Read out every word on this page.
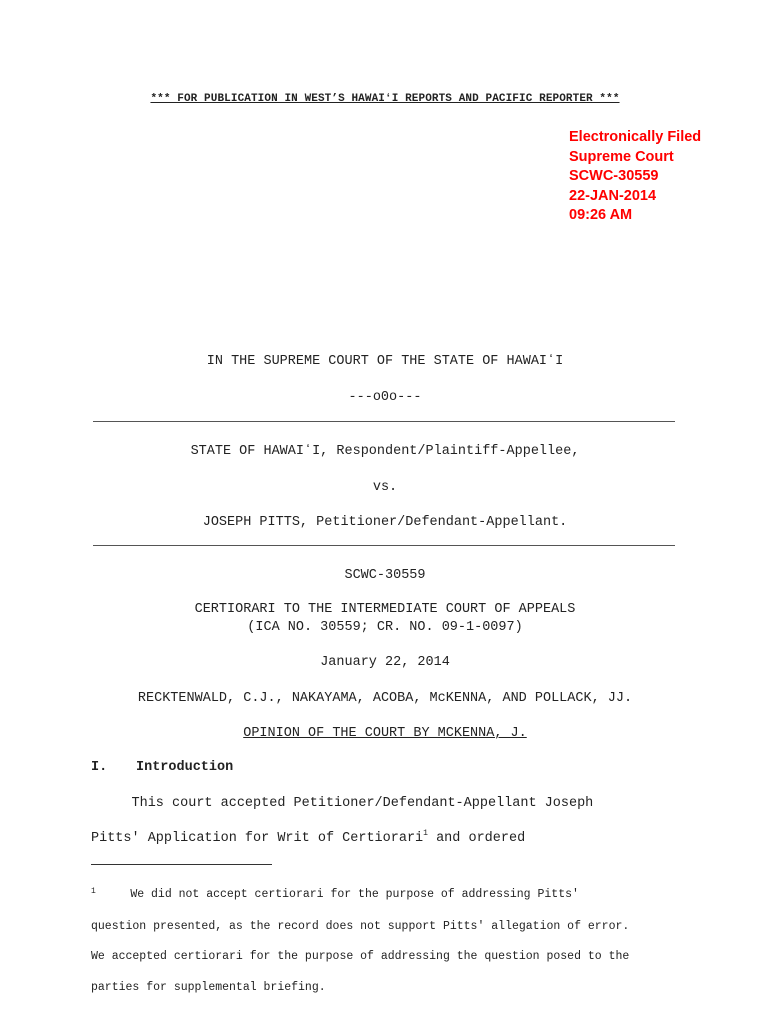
*** FOR PUBLICATION IN WEST’S HAWAIʻI REPORTS AND PACIFIC REPORTER ***
Electronically Filed
Supreme Court
SCWC-30559
22-JAN-2014
09:26 AM
IN THE SUPREME COURT OF THE STATE OF HAWAIʻI
---o0o---
STATE OF HAWAIʻI, Respondent/Plaintiff-Appellee,
vs.
JOSEPH PITTS, Petitioner/Defendant-Appellant.
SCWC-30559
CERTIORARI TO THE INTERMEDIATE COURT OF APPEALS
(ICA NO. 30559; CR. NO. 09-1-0097)
January 22, 2014
RECKTENWALD, C.J., NAKAYAMA, ACOBA, McKENNA, AND POLLACK, JJ.
OPINION OF THE COURT BY MCKENNA, J.
I. Introduction
This court accepted Petitioner/Defendant-Appellant Joseph
Pitts' Application for Writ of Certiorari$^1$ and ordered

$^1$     We did not accept certiorari for the purpose of addressing Pitts'

question presented, as the record does not support Pitts' allegation of error.

We accepted certiorari for the purpose of addressing the question posed to the

parties for supplemental briefing.
